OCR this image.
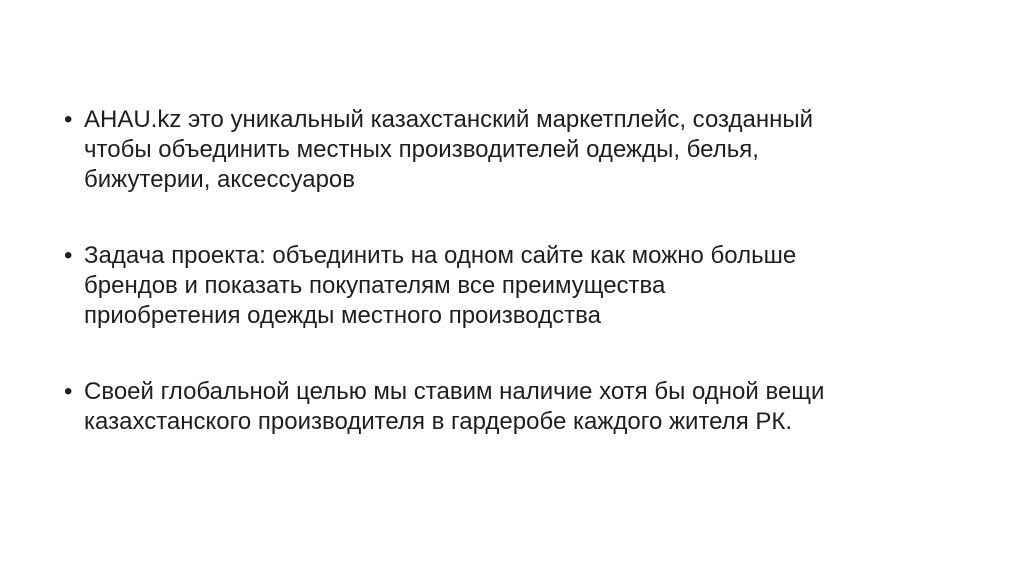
• AHAU.kz это уникальный казахстанский маркетплейс, созданный
чтобы объединить местных производителей одежды, белья,
бижутерии, аксессуаров
• Задача проекта: объединить на одном сайте как можно больше
брендов и показать покупателям все преимущества
приобретения одежды местного производства
• Своей глобальной целью мы ставим наличие хотя бы одной вещи
казахстанского производителя в гардеробе каждого жителя РК.
